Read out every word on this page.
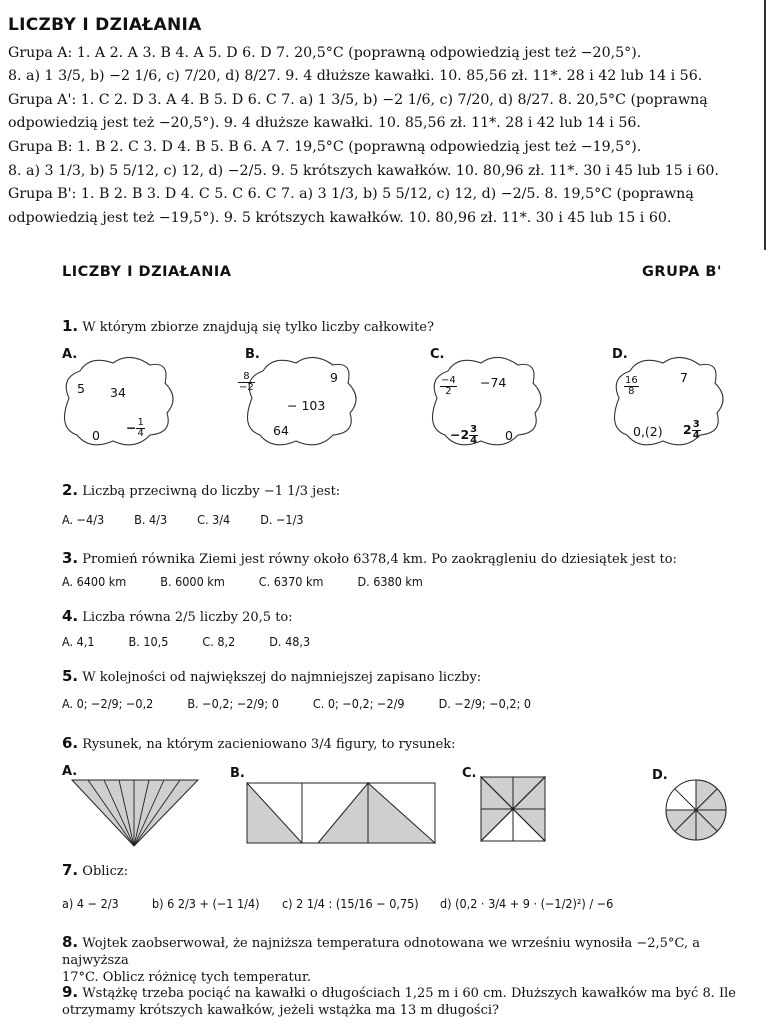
LICZBY I DZIAŁANIA
Grupa A: 1. A 2. A 3. B 4. A 5. D 6. D 7. 20,5°C (poprawną odpowiedzią jest też −20,5°).
8. a) 1 3/5, b) −2 1/6, c) 7/20, d) 8/27. 9. 4 dłuższe kawałki. 10. 85,56 zł. 11*. 28 i 42 lub 14 i 56.
Grupa A': 1. C 2. D 3. A 4. B 5. D 6. C 7. a) 1 3/5, b) −2 1/6, c) 7/20, d) 8/27. 8. 20,5°C (poprawną
odpowiedzią jest też −20,5°). 9. 4 dłuższe kawałki. 10. 85,56 zł. 11*. 28 i 42 lub 14 i 56.
Grupa B: 1. B 2. C 3. D 4. B 5. B 6. A 7. 19,5°C (poprawną odpowiedzią jest też −19,5°).
8. a) 3 1/3, b) 5 5/12, c) 12, d) −2/5. 9. 5 krótszych kawałków. 10. 80,96 zł. 11*. 30 i 45 lub 15 i 60.
Grupa B': 1. B 2. B 3. D 4. C 5. C 6. C 7. a) 3 1/3, b) 5 5/12, c) 12, d) −2/5. 8. 19,5°C (poprawną
odpowiedzią jest też −19,5°). 9. 5 krótszych kawałków. 10. 80,96 zł. 11*. 30 i 45 lub 15 i 60.
LICZBY I DZIAŁANIA	GRUPA B'
1. W którym zbiorze znajdują się tylko liczby całkowite?
A.	B.	C.	D.
5 34
0
− $\frac{1}{4}$
$\frac{8}{-2}$	9
− 103
64
$\frac{-4}{2} -74$
$-2 \frac{3}{4} 0$
$\frac{16}{8}$	7
0,(2) $2 \frac{3}{4}$
2. Liczbą przeciwną do liczby −1 1/3 jest:
A. −4/3 B. 4/3 C. 3/4 D. −1/3
3. Promień równika Ziemi jest równy około 6378,4 km. Po zaokrągleniu do dziesiątek jest to:
A. 6400 km	B. 6000 km	C. 6370 km	D. 6380 km
4. Liczba równa 2/5 liczby 20,5 to:
A. 4,1	B. 10,5	C. 8,2	D. 48,3
5. W kolejności od największej do najmniejszej zapisano liczby:
A. 0; −2/9; −0,2	B. −0,2; −2/9; 0	C. 0; −0,2; −2/9	D. −2/9; −0,2; 0
6. Rysunek, na którym zacieniowano 3/4 figury, to rysunek:
A.	B.	C.	D.
7. Oblicz:
a) 4 − 2/3	b) 6 2/3 + (−1 1/4) c) 2 1/4 : (15/16 − 0,75) d) (0,2 · 3/4 + 9 · (−1/2)²) / −6
8. Wojtek zaobserwował, że najniższa temperatura odnotowana we wrześniu wynosiła −2,5°C, a najwyższa
17°C. Oblicz różnicę tych temperatur.
9. Wstążkę trzeba pociąć na kawałki o długościach 1,25 m i 60 cm. Dłuższych kawałków ma być 8. Ile
otrzymamy krótszych kawałków, jeżeli wstążka ma 13 m długości?
